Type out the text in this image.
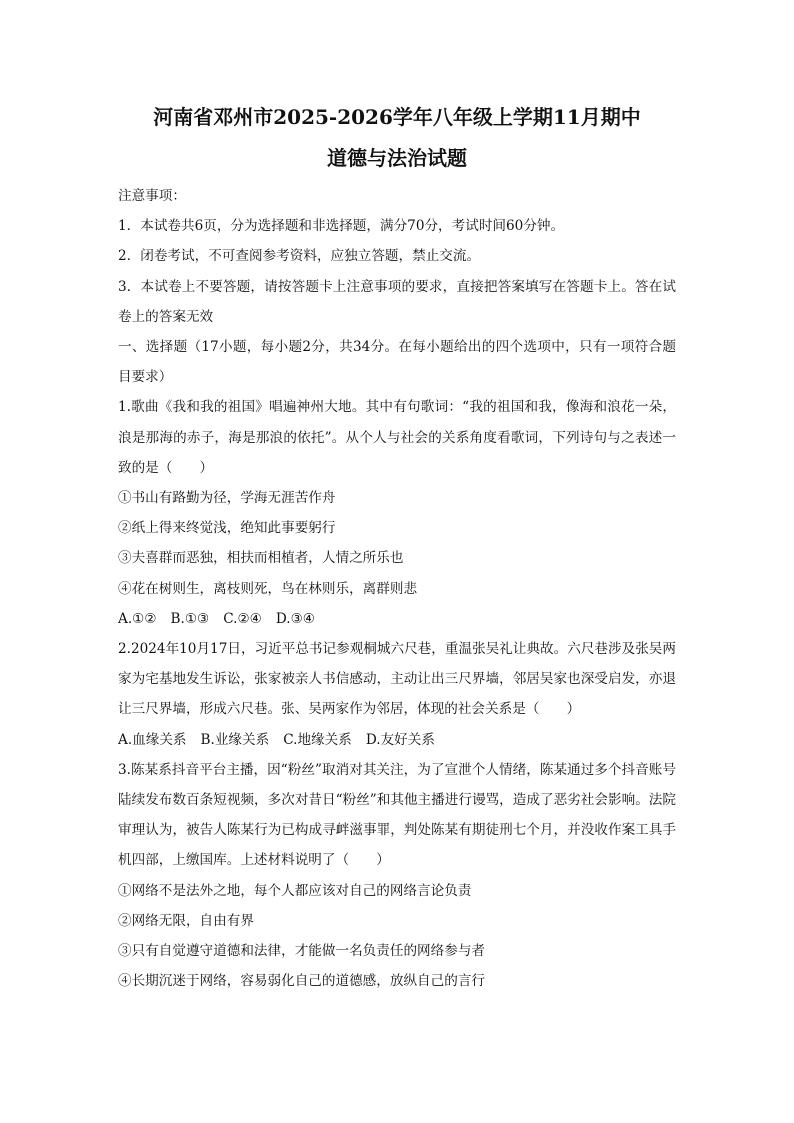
河南省邓州市2025-2026学年八年级上学期11月期中
道德与法治试题

注意事项：

1．本试卷共6页，分为选择题和非选择题，满分70分，考试时间60分钟。

2．闭卷考试，不可查阅参考资料，应独立答题，禁止交流。

3．本试卷上不要答题，请按答题卡上注意事项的要求，直接把答案填写在答题卡上。答在试卷上的答案无效

一、选择题（17小题，每小题2分，共34分。在每小题给出的四个选项中，只有一项符合题目要求）

1.歌曲《我和我的祖国》唱遍神州大地。其中有句歌词：“我的祖国和我，像海和浪花一朵，浪是那海的赤子，海是那浪的依托”。从个人与社会的关系角度看歌词，下列诗句与之表述一致的是（　　）

①书山有路勤为径，学海无涯苦作舟

②纸上得来终觉浅，绝知此事要躬行

③夫喜群而恶独，相扶而相植者，人情之所乐也

④花在树则生，离枝则死，鸟在林则乐，离群则悲

A.①② B.①③ C.②④ D.③④

2.2024年10月17日，习近平总书记参观桐城六尺巷，重温张吴礼让典故。六尺巷涉及张吴两家为宅基地发生诉讼，张家被亲人书信感动，主动让出三尺界墙，邻居吴家也深受启发，亦退让三尺界墙，形成六尺巷。张、吴两家作为邻居，体现的社会关系是（　　）

A.血缘关系 B.业缘关系 C.地缘关系 D.友好关系

3.陈某系抖音平台主播，因“粉丝”取消对其关注，为了宣泄个人情绪，陈某通过多个抖音账号陆续发布数百条短视频，多次对昔日“粉丝”和其他主播进行谩骂，造成了恶劣社会影响。法院审理认为，被告人陈某行为已构成寻衅滋事罪，判处陈某有期徒刑七个月，并没收作案工具手机四部，上缴国库。上述材料说明了（　　）

①网络不是法外之地，每个人都应该对自己的网络言论负责

②网络无限，自由有界

③只有自觉遵守道德和法律，才能做一名负责任的网络参与者

④长期沉迷于网络，容易弱化自己的道德感，放纵自己的言行
